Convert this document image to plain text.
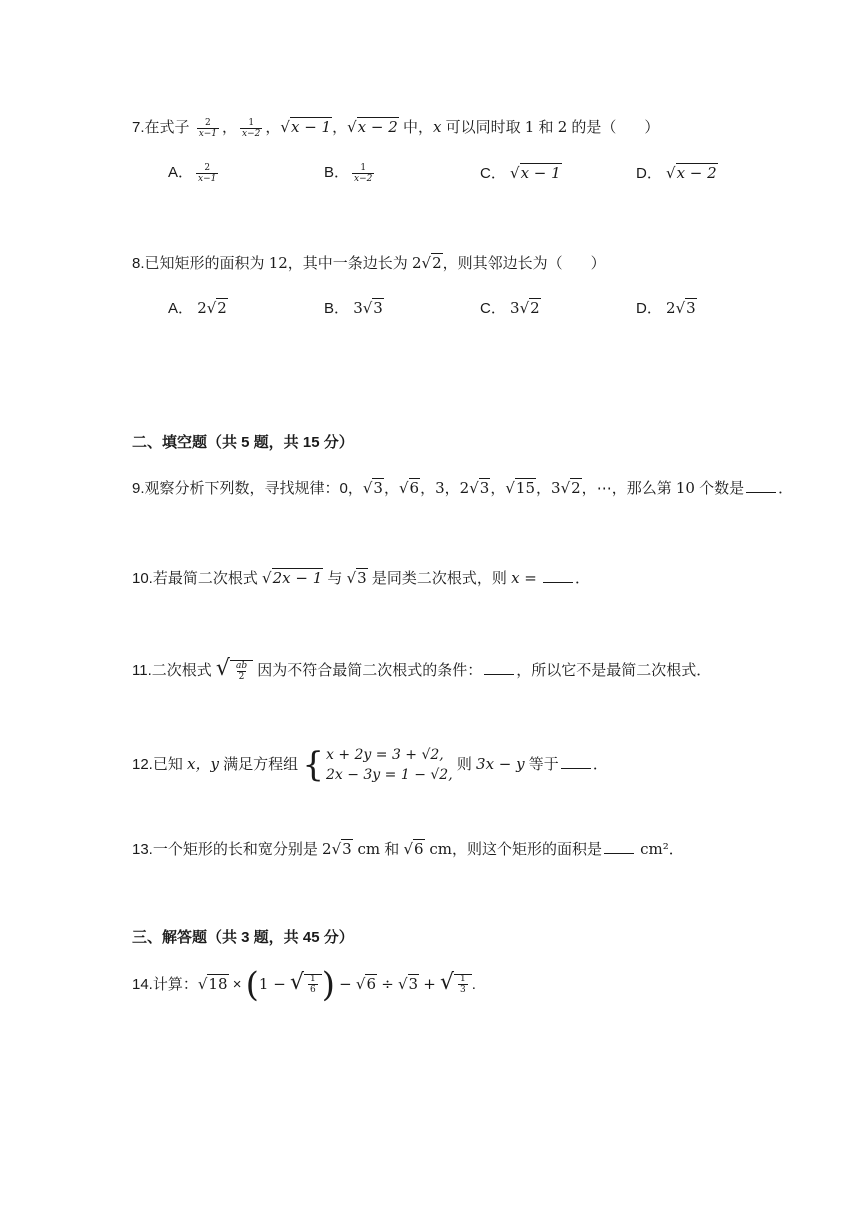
7.在式子 $\frac{2}{x-1}$ ， $\frac{1}{x-2}$ ，√x − 1，√x − 2 中，x 可以同时取 1 和 2 的是（ ）
A． $\frac{2}{x-1}$	B． $\frac{1}{x-2}$	C． √x − 1	D． √x − 2
8.已知矩形的面积为 12，其中一条边长为 2√2，则其邻边长为（ ）
A． 2√2	B． 3√3	C． 3√2	D． 2√3
二、填空题（共 5 题，共 15 分）
9.观察分析下列数，寻找规律：0，√3，√6，3，2√3，√15，3√2，⋯，那么第 10 个数是 ．
10.若最简二次根式 √2x − 1 与 √3 是同类二次根式，则 x =	．
11.二次根式 √ $\frac{ab}{2}$ 因为不符合最简二次根式的条件： ，所以它不是最简二次根式．
12.已知 x，y 满足方程组 { x + 2y = 3 + √2,
2x − 3y = 1 − √2,
则 3x − y 等于 ．
13.一个矩形的长和宽分别是 2√3 cm 和 √6 cm，则这个矩形的面积是	cm²．
三、解答题（共 3 题，共 45 分）
14.计算：√18 × (1 − √ $\frac{1}{6}$ ) − √6 ÷ √3 + √ $\frac{1}{3}$ .
